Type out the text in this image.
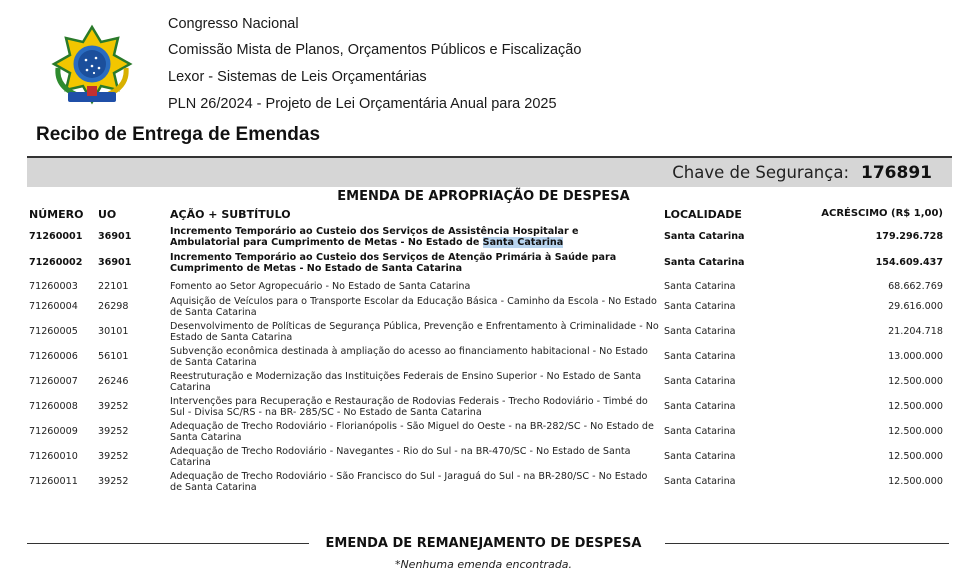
Congresso Nacional
Comissão Mista de Planos, Orçamentos Públicos e Fiscalização
Lexor - Sistemas de Leis Orçamentárias
PLN 26/2024 - Projeto de Lei Orçamentária Anual para 2025
Recibo de Entrega de Emendas
Chave de Segurança: 176891
EMENDA DE APROPRIAÇÃO DE DESPESA
NÚMERO UO	AÇÃO + SUBTÍTULO	LOCALIDADE	ACRÉSCIMO (R$ 1,00)
71260001 36901	Incremento Temporário ao Custeio dos Serviços de Assistência Hospitalar e Ambulatorial para Cumprimento de Metas - No Estado de Santa Catarina	Santa Catarina	179.296.728
71260002 36901	Incremento Temporário ao Custeio dos Serviços de Atenção Primária à Saúde para Cumprimento de Metas - No Estado de Santa Catarina	Santa Catarina	154.609.437
71260003 22101	Fomento ao Setor Agropecuário - No Estado de Santa Catarina	Santa Catarina	68.662.769
71260004 26298	Aquisição de Veículos para o Transporte Escolar da Educação Básica - Caminho da Escola - No Estado de Santa Catarina	Santa Catarina	29.616.000
71260005 30101	Desenvolvimento de Políticas de Segurança Pública, Prevenção e Enfrentamento à Criminalidade - No Estado de Santa Catarina	Santa Catarina	21.204.718
71260006 56101	Subvenção econômica destinada à ampliação do acesso ao financiamento habitacional - No Estado de Santa Catarina	Santa Catarina	13.000.000
71260007 26246	Reestruturação e Modernização das Instituições Federais de Ensino Superior - No Estado de Santa Catarina	Santa Catarina	12.500.000
71260008 39252	Intervenções para Recuperação e Restauração de Rodovias Federais - Trecho Rodoviário - Timbé do Sul - Divisa SC/RS - na BR- 285/SC - No Estado de Santa Catarina	Santa Catarina	12.500.000
71260009 39252	Adequação de Trecho Rodoviário - Florianópolis - São Miguel do Oeste - na BR-282/SC - No Estado de Santa Catarina	Santa Catarina	12.500.000
71260010 39252	Adequação de Trecho Rodoviário - Navegantes - Rio do Sul - na BR-470/SC - No Estado de Santa Catarina	Santa Catarina	12.500.000
71260011 39252	Adequação de Trecho Rodoviário - São Francisco do Sul - Jaraguá do Sul - na BR-280/SC - No Estado de Santa Catarina	Santa Catarina	12.500.000
EMENDA DE REMANEJAMENTO DE DESPESA
*Nenhuma emenda encontrada.
